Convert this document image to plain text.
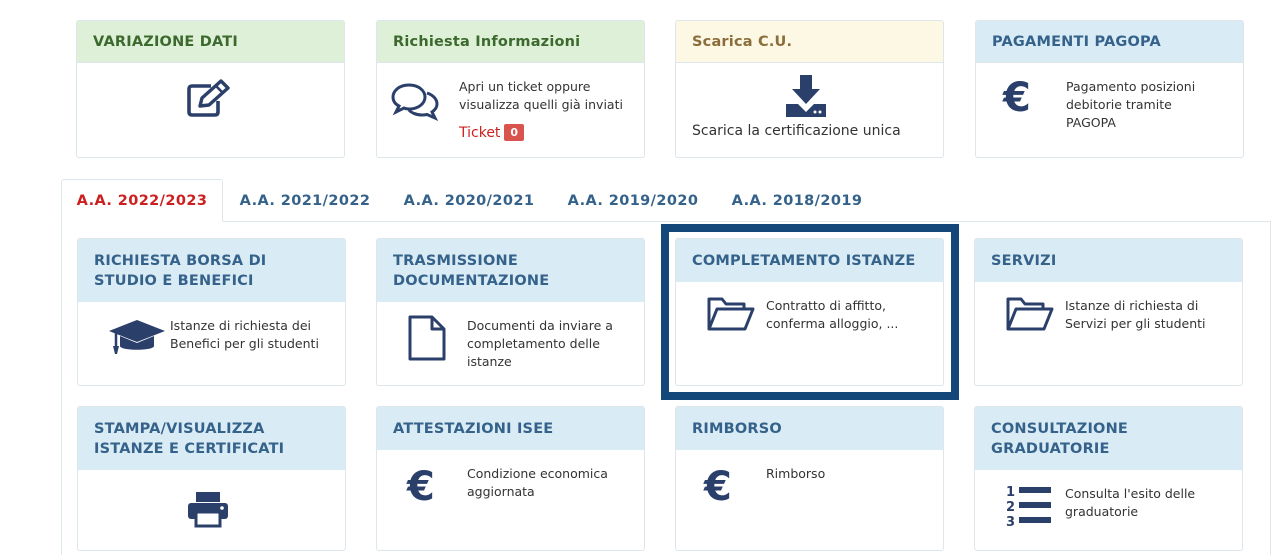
VARIAZIONE DATI	Richiesta Informazioni
Apri un ticket oppure visualizza quelli già inviati
Ticket 0
Scarica C.U.
Scarica la certificazione unica
PAGAMENTI PAGOPA
€	Pagamento posizioni debitorie tramite PAGOPA
A.A. 2022/2023	A.A. 2021/2022	A.A. 2020/2021	A.A. 2019/2020	A.A. 2018/2019
RICHIESTA BORSA DI STUDIO E BENEFICI
Istanze di richiesta dei Benefici per gli studenti
TRASMISSIONE DOCUMENTAZIONE
Documenti da inviare a completamento delle istanze
COMPLETAMENTO ISTANZE
Contratto di affitto, conferma alloggio, ...
SERVIZI
Istanze di richiesta di Servizi per gli studenti
STAMPA/VISUALIZZA ISTANZE E CERTIFICATI
ATTESTAZIONI ISEE
€	Condizione economica aggiornata
RIMBORSO
€	Rimborso
CONSULTAZIONE GRADUATORIE
1
2
3
Consulta l'esito delle graduatorie
